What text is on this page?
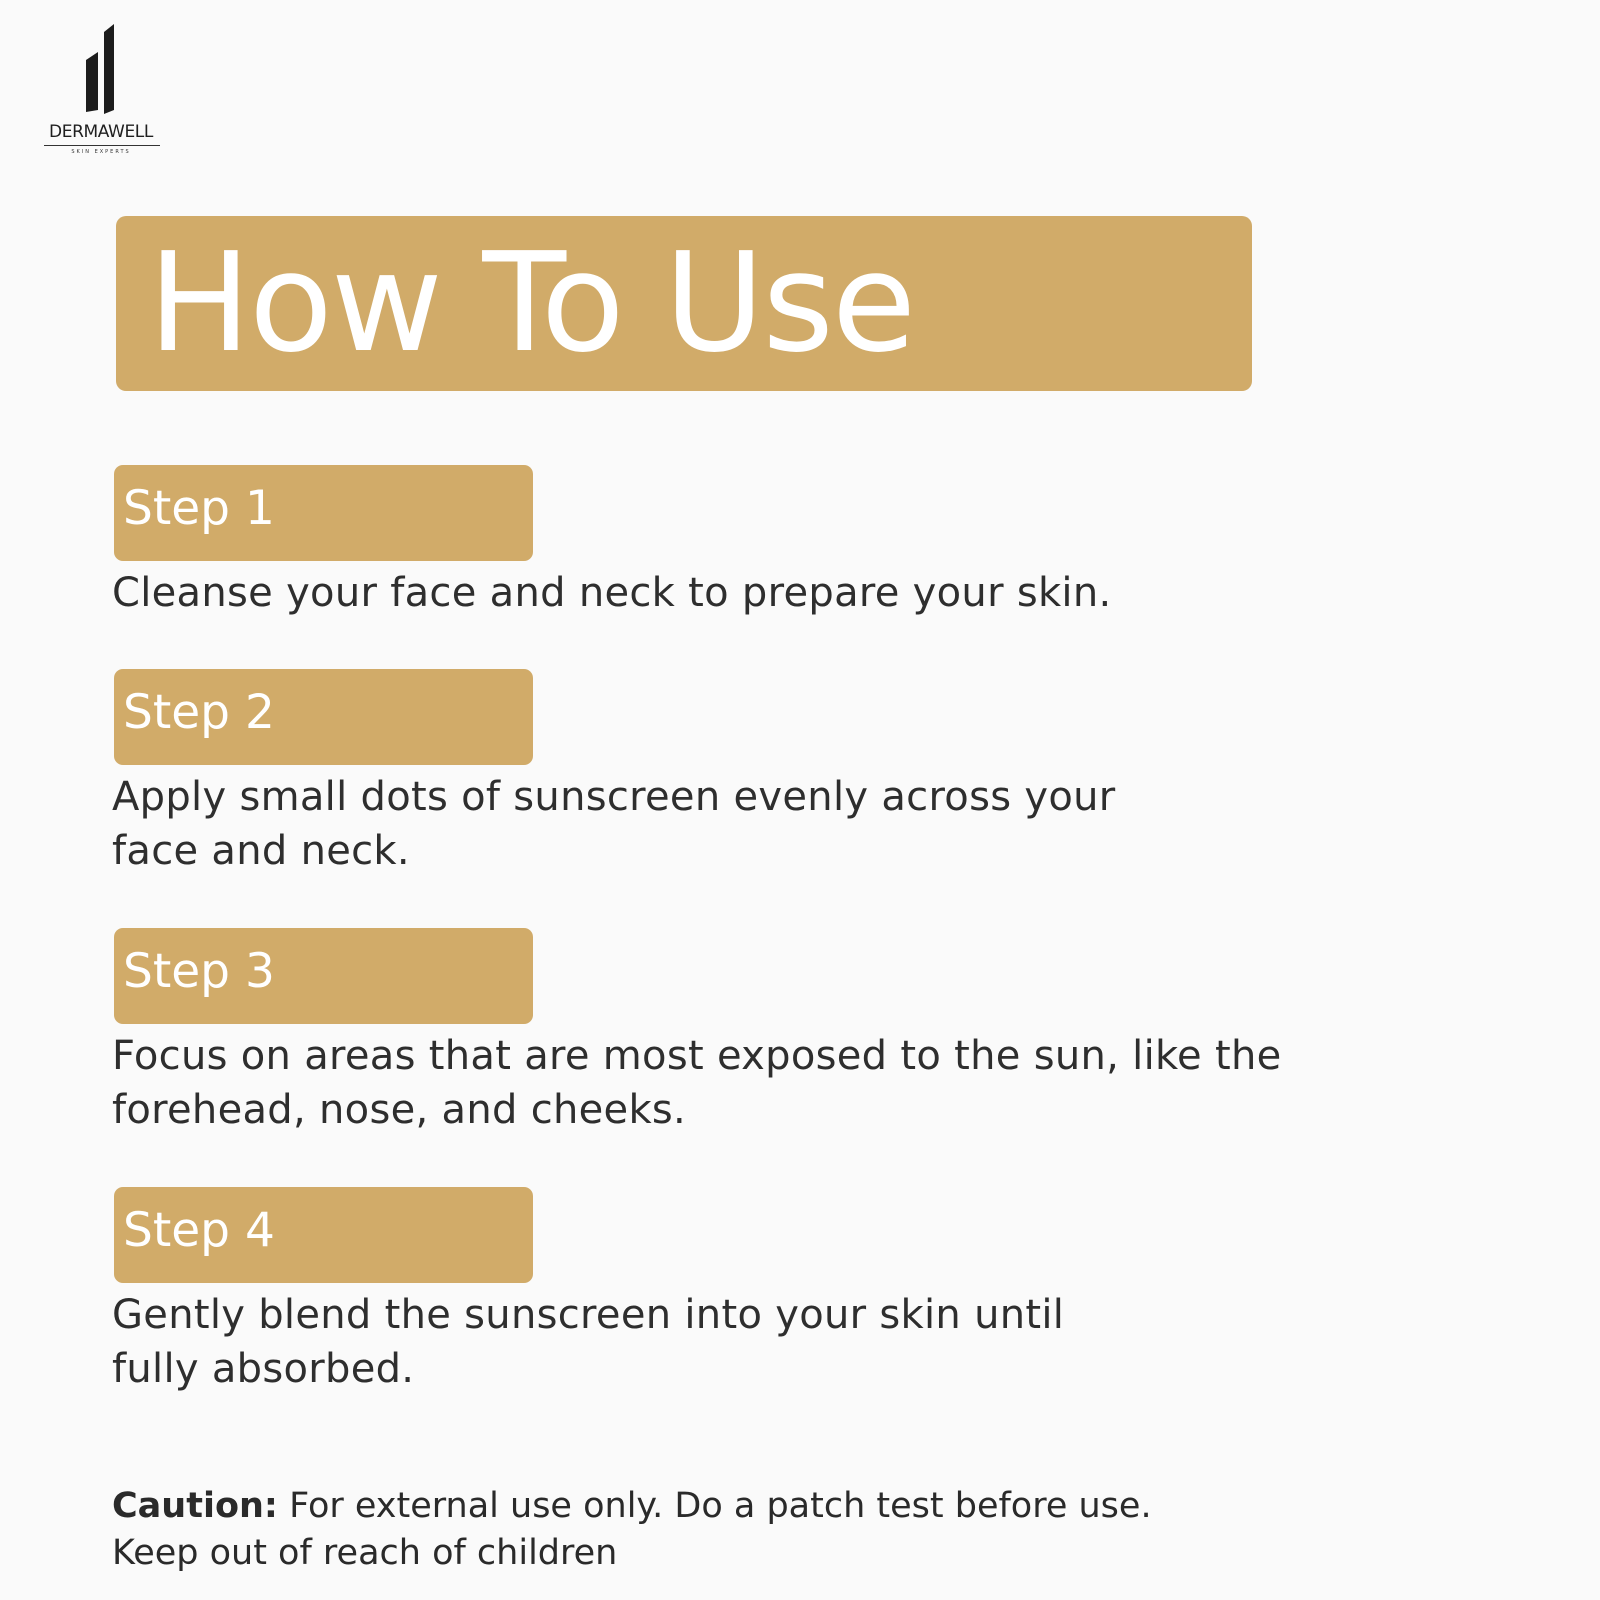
DERMAWELL
SKIN EXPERTS
How To Use
Step 1
Cleanse your face and neck to prepare your skin.
Step 2
Apply small dots of sunscreen evenly across your
face and neck.
Step 3
Focus on areas that are most exposed to the sun, like the
forehead, nose, and cheeks.
Step 4
Gently blend the sunscreen into your skin until
fully absorbed.
Caution: For external use only. Do a patch test before use.
Keep out of reach of children
